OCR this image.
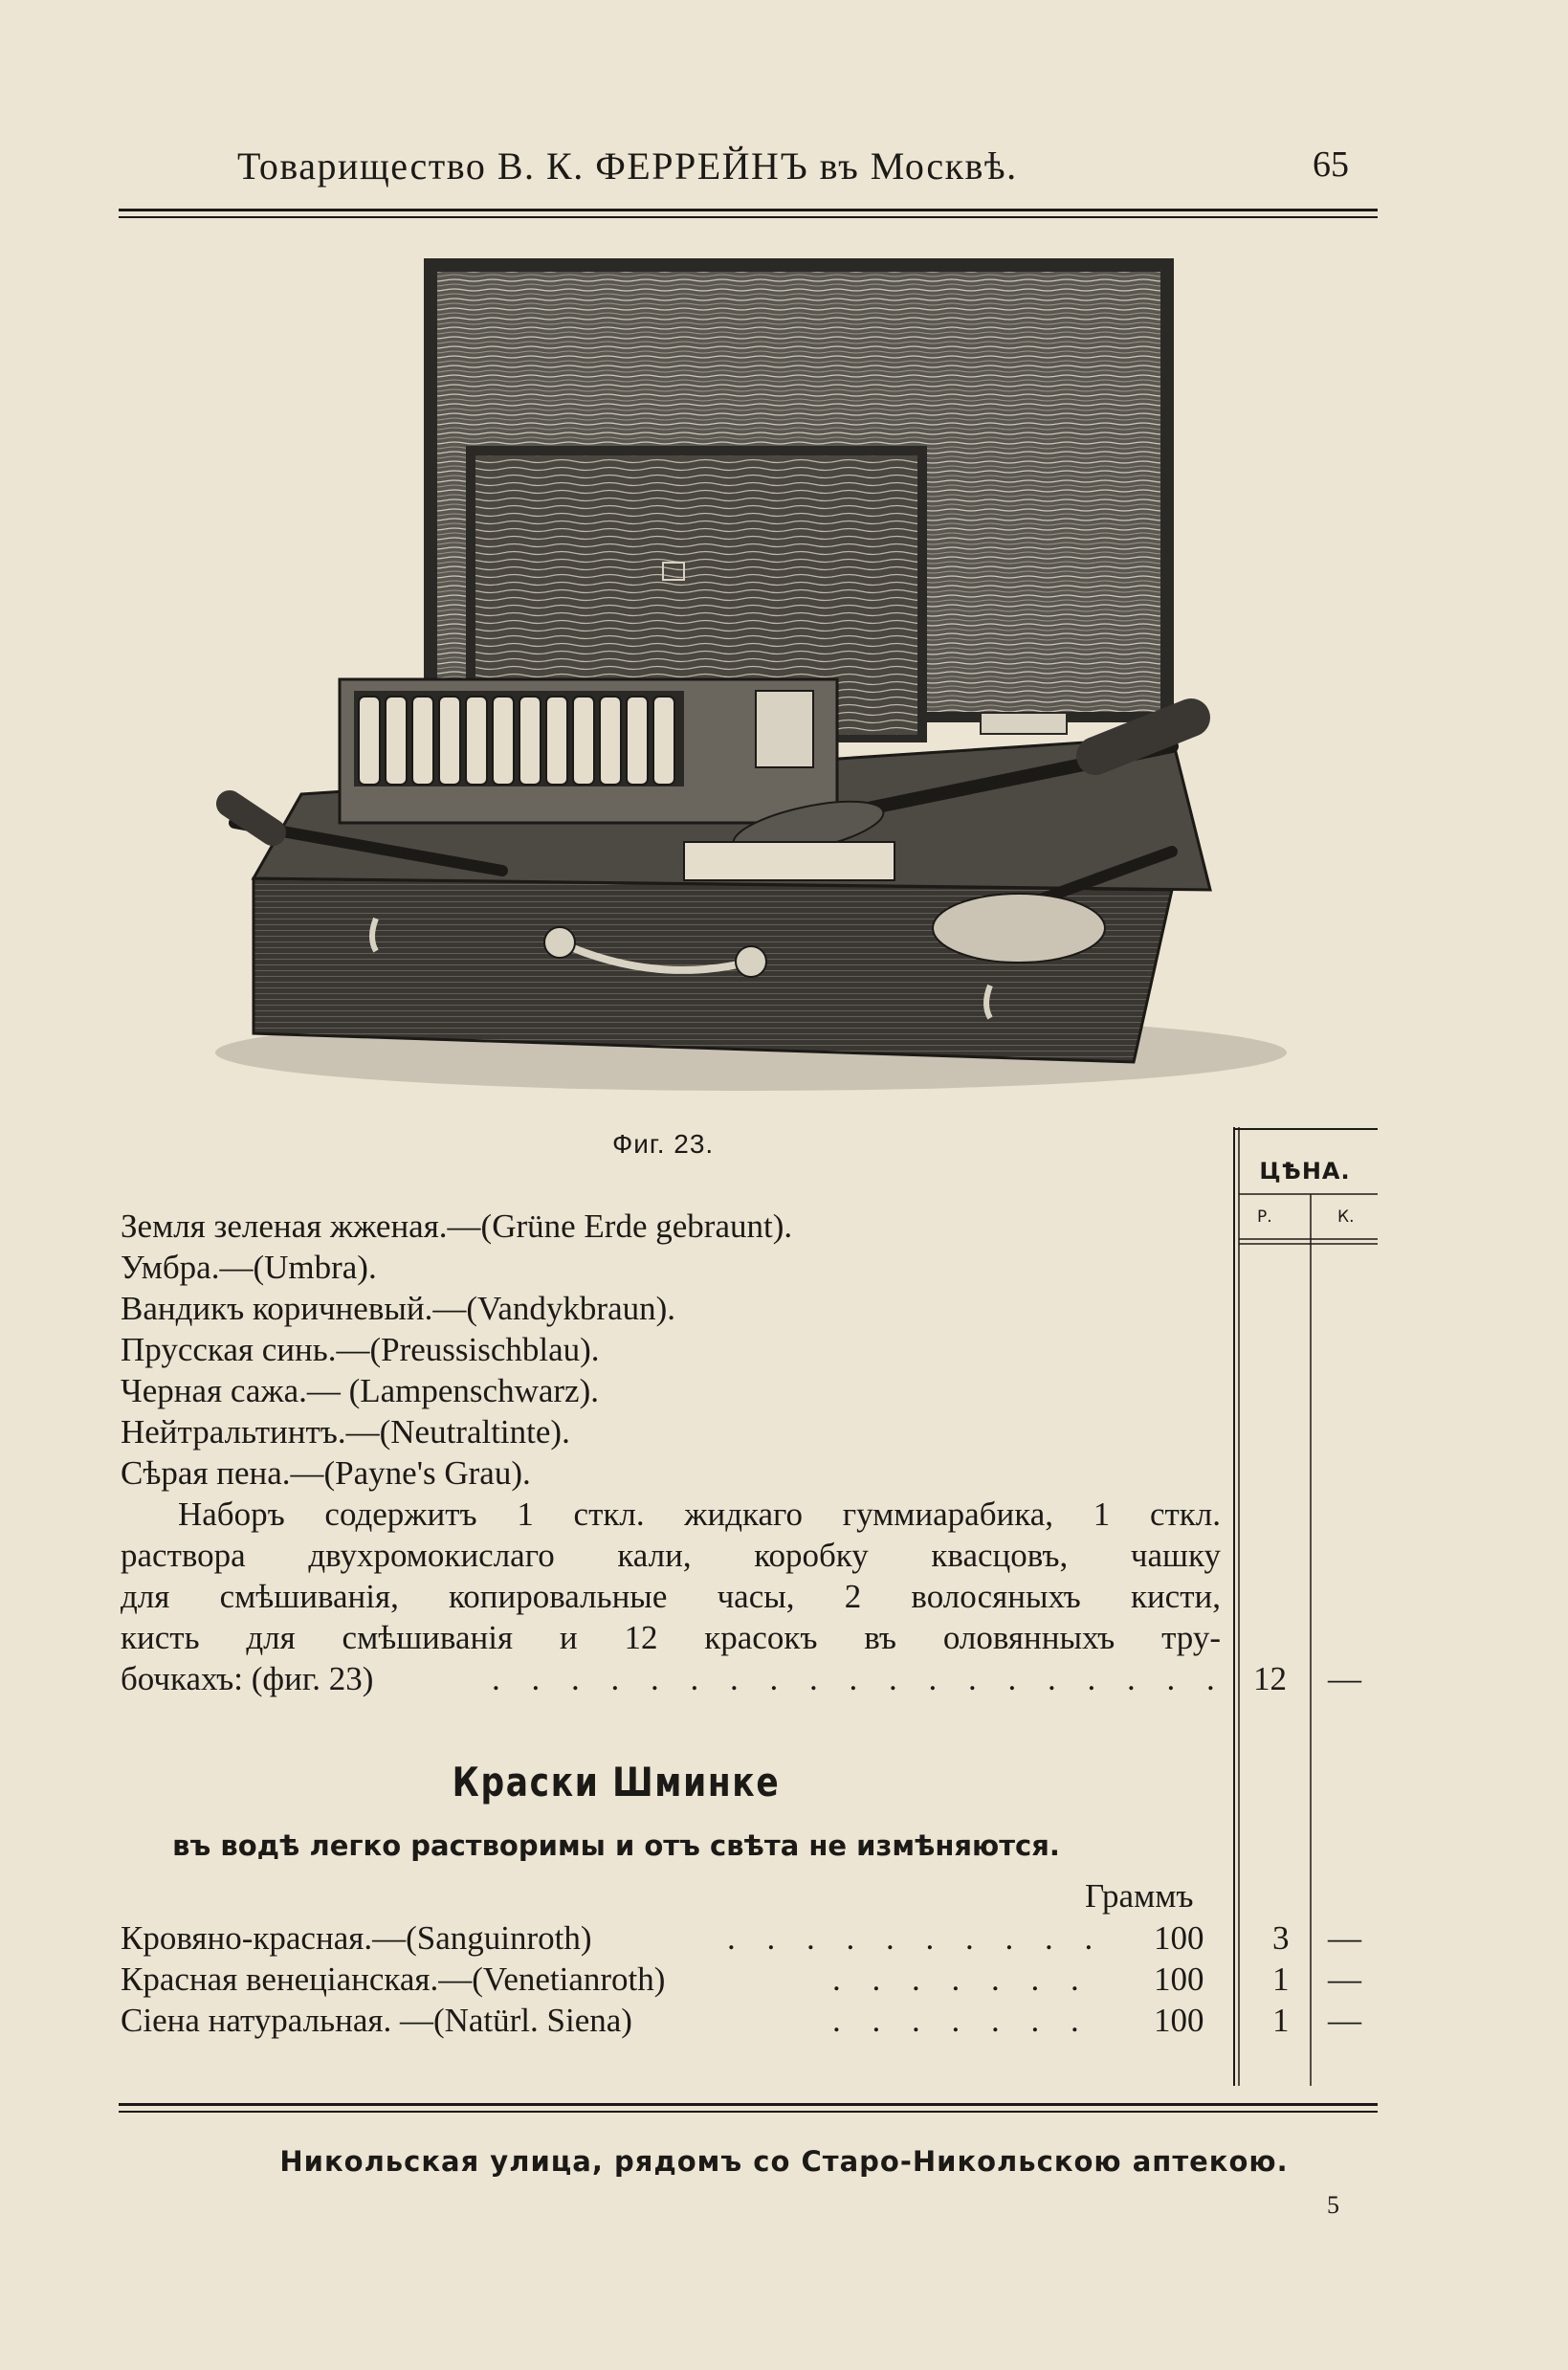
Товарищество В. К. ФЕРРЕЙНЪ въ Москвѣ.	65
Фиг. 23.
ЦѢНА.
Р.	К.
Земля зеленая жженая.—(Grüne Erde gebraunt).
Умбра.—(Umbra).
Вандикъ коричневый.—(Vandykbraun).
Прусская синь.—(Preussischblau).
Черная сажа.— (Lampenschwarz).
Нейтральтинтъ.—(Neutraltinte).
Сѣрая пена.—(Payne's Grau).
Наборъ содержитъ 1 сткл. жидкаго гуммиарабика, 1 сткл.
раствора двухромокислаго кали, коробку квасцовъ, чашку
для смѣшиванія, копировальные часы, 2 волосяныхъ кисти,
кисть для смѣшиванія и 12 красокъ въ оловянныхъ тру-
бочкахъ: (фиг. 23)	. . . . . . . . . . . . . . . . . . . 12 —
Краски Шминке
въ водѣ легко растворимы и отъ свѣта не измѣняются.
Граммъ
Кровяно-красная.—(Sanguinroth)	. . . . . . . . . . 100 3 —
Красная венеціанская.—(Venetianroth)	. . . . . . . 100 1 —
Сіена натуральная. —(Natürl. Siena)	. . . . . . . 100 1 —
Никольская улица, рядомъ со Старо-Никольскою аптекою.
5
